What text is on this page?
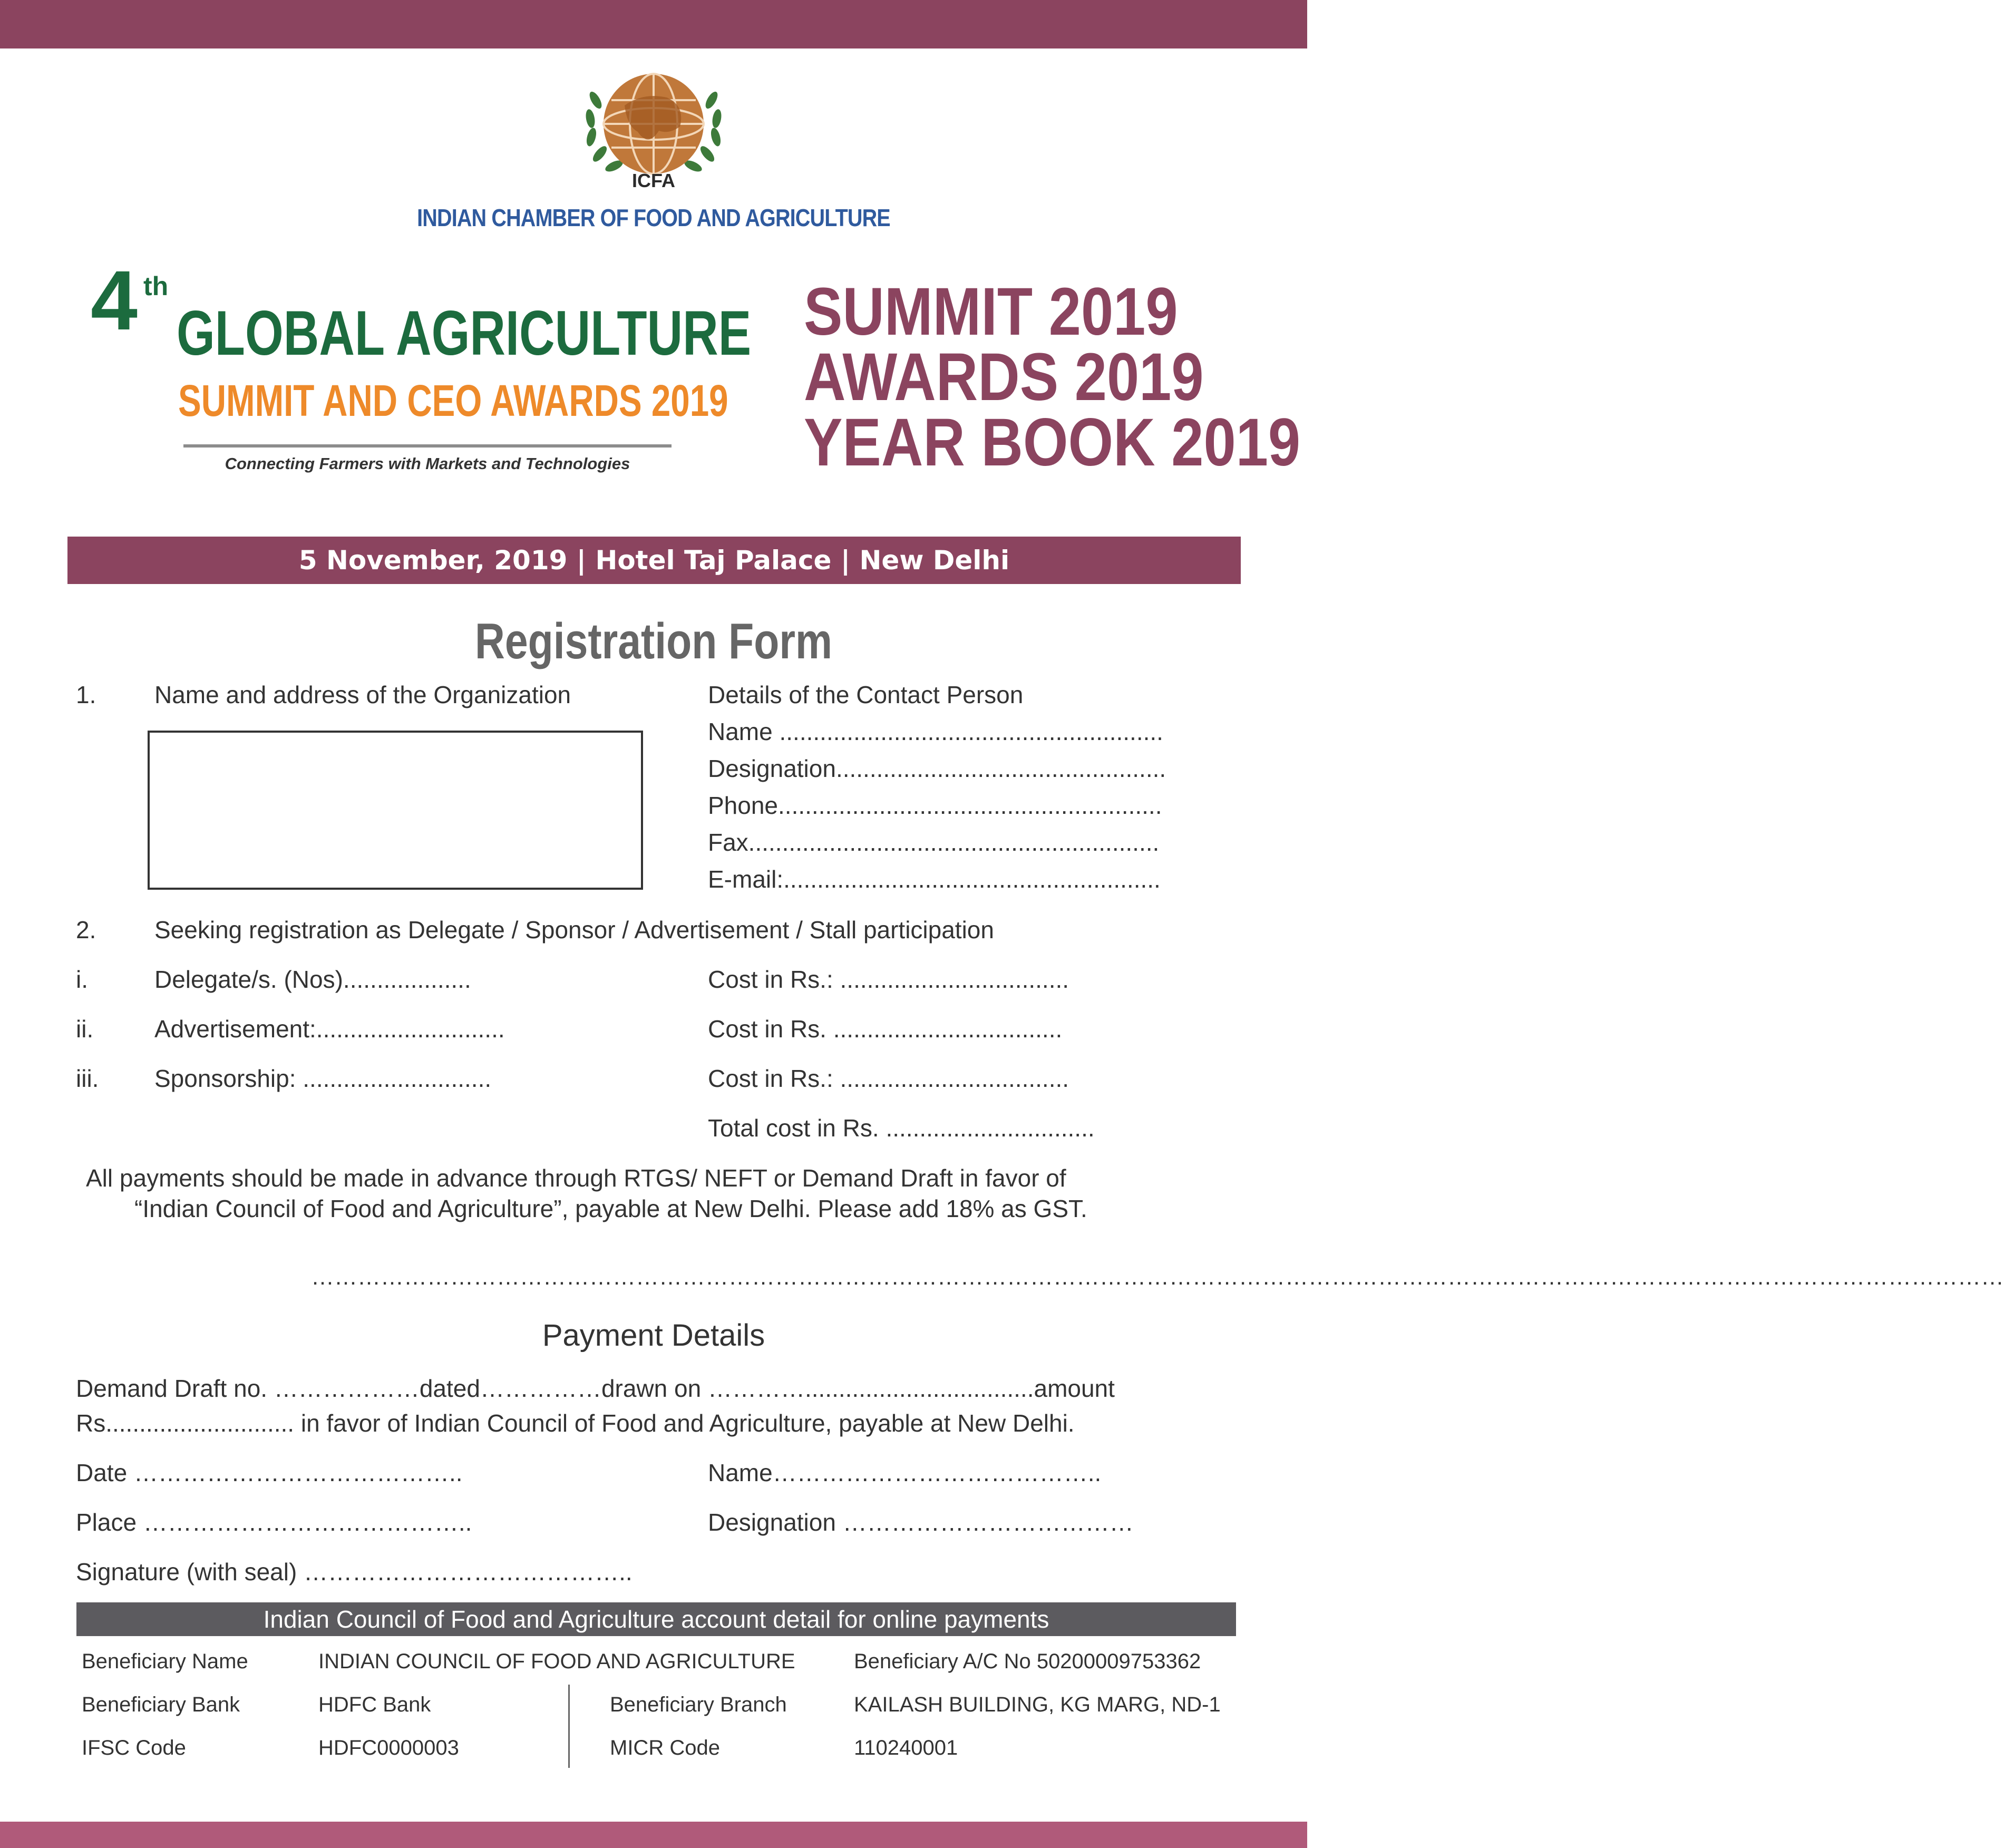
ICFA
INDIAN CHAMBER OF FOOD AND AGRICULTURE
4 th
GLOBAL AGRICULTURE
SUMMIT AND CEO AWARDS 2019
Connecting Farmers with Markets and Technologies
SUMMIT 2019
AWARDS 2019
YEAR BOOK 2019
5 November, 2019 | Hotel Taj Palace | New Delhi
Registration Form
1. Name and address of the Organization	Details of the Contact Person
Name .........................................................
Designation.................................................
Phone.........................................................
Fax.............................................................
E-mail:........................................................
2. Seeking registration as Delegate / Sponsor / Advertisement / Stall participation
i.	Delegate/s. (Nos)...................	Cost in Rs.: ..................................
ii.	Advertisement:............................	Cost in Rs. ..................................
iii. Sponsorship: ............................	Cost in Rs.: ..................................
Total cost in Rs. ...............................
All payments should be made in advance through RTGS/ NEFT or Demand Draft in favor of
“Indian Council of Food and Agriculture”, payable at New Delhi. Please add 18% as GST.
…………………………………………………………………………………………………………………………………………………………………………………………………
Payment Details
Demand Draft no. ………………dated……………drawn on …………..................................amount
Rs............................ in favor of Indian Council of Food and Agriculture, payable at New Delhi.
Date …………………………………..	Name…………………………………..
Place …………………………………..	Designation ………………………………
Signature (with seal) …………………………………..
Indian Council of Food and Agriculture account detail for online payments
Beneficiary Name	INDIAN COUNCIL OF FOOD AND AGRICULTURE	Beneficiary A/C No 50200009753362
Beneficiary Bank	HDFC Bank	Beneficiary Branch	KAILASH BUILDING, KG MARG, ND-1
IFSC Code	HDFC0000003	MICR Code	110240001
